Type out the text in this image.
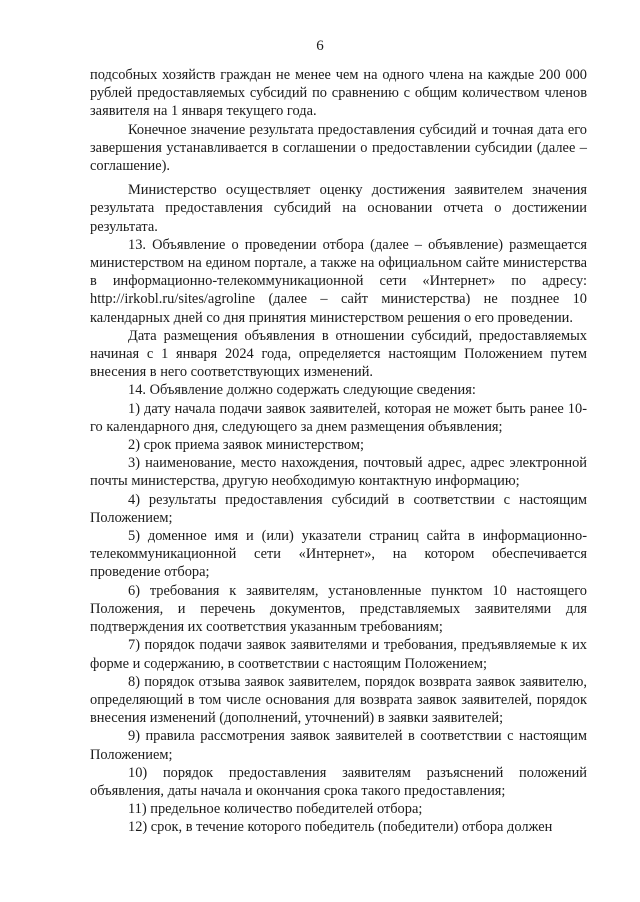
6

подсобных хозяйств граждан не менее чем на одного члена на каждые 200 000 рублей предоставляемых субсидий по сравнению с общим количеством членов заявителя на 1 января текущего года.

Конечное значение результата предоставления субсидий и точная дата его завершения устанавливается в соглашении о предоставлении субсидии (далее – соглашение).

Министерство осуществляет оценку достижения заявителем значения результата предоставления субсидий на основании отчета о достижении результата.

13. Объявление о проведении отбора (далее – объявление) размещается министерством на едином портале, а также на официальном сайте министерства в информационно-телекоммуникационной сети «Интернет» по адресу: http://irkobl.ru/sites/agroline (далее – сайт министерства) не позднее 10 календарных дней со дня принятия министерством решения о его проведении.

Дата размещения объявления в отношении субсидий, предоставляемых начиная с 1 января 2024 года, определяется настоящим Положением путем внесения в него соответствующих изменений.

14. Объявление должно содержать следующие сведения:

1) дату начала подачи заявок заявителей, которая не может быть ранее 10-го календарного дня, следующего за днем размещения объявления;

2) срок приема заявок министерством;

3) наименование, место нахождения, почтовый адрес, адрес электронной почты министерства, другую необходимую контактную информацию;

4) результаты предоставления субсидий в соответствии с настоящим Положением;

5) доменное имя и (или) указатели страниц сайта в информационно-телекоммуникационной сети «Интернет», на котором обеспечивается проведение отбора;

6) требования к заявителям, установленные пунктом 10 настоящего Положения, и перечень документов, представляемых заявителями для подтверждения их соответствия указанным требованиям;

7) порядок подачи заявок заявителями и требования, предъявляемые к их форме и содержанию, в соответствии с настоящим Положением;

8) порядок отзыва заявок заявителем, порядок возврата заявок заявителю, определяющий в том числе основания для возврата заявок заявителей, порядок внесения изменений (дополнений, уточнений) в заявки заявителей;

9) правила рассмотрения заявок заявителей в соответствии с настоящим Положением;

10) порядок предоставления заявителям разъяснений положений объявления, даты начала и окончания срока такого предоставления;

11) предельное количество победителей отбора;

12) срок, в течение которого победитель (победители) отбора должен
